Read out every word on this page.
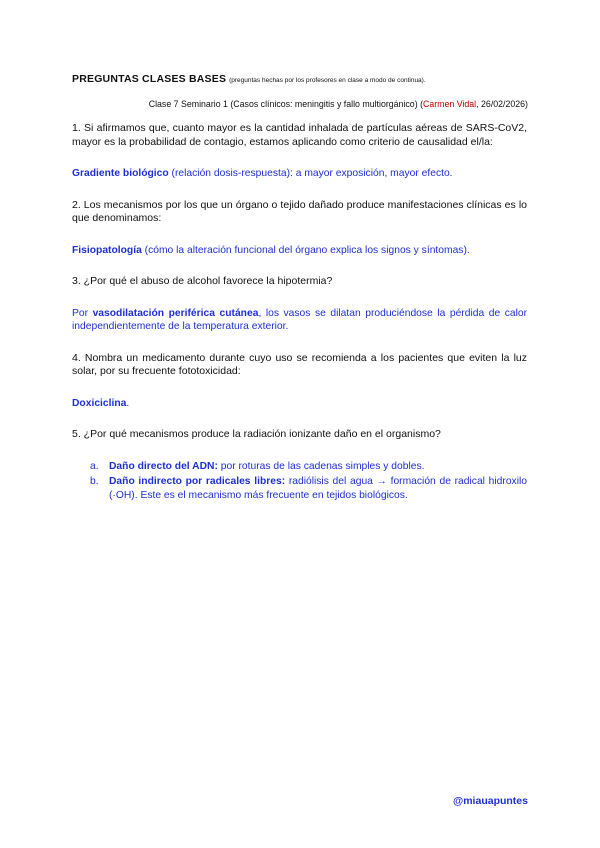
PREGUNTAS CLASES BASES (preguntas hechas por los profesores en clase a modo de continua).
Clase 7 Seminario 1 (Casos clínicos: meningitis y fallo multiorgánico) (Carmen Vidal, 26/02/2026)

1. Si afirmamos que, cuanto mayor es la cantidad inhalada de partículas aéreas de SARS-CoV2, mayor es la probabilidad de contagio, estamos aplicando como criterio de causalidad el/la:

Gradiente biológico (relación dosis-respuesta): a mayor exposición, mayor efecto.

2. Los mecanismos por los que un órgano o tejido dañado produce manifestaciones clínicas es lo que denominamos:

Fisiopatología (cómo la alteración funcional del órgano explica los signos y síntomas).

3. ¿Por qué el abuso de alcohol favorece la hipotermia?

Por vasodilatación periférica cutánea, los vasos se dilatan produciéndose la pérdida de calor independientemente de la temperatura exterior.

4. Nombra un medicamento durante cuyo uso se recomienda a los pacientes que eviten la luz solar, por su frecuente fototoxicidad:

Doxiciclina.

5. ¿Por qué mecanismos produce la radiación ionizante daño en el organismo?

a. Daño directo del ADN: por roturas de las cadenas simples y dobles.
b. Daño indirecto por radicales libres: radiólisis del agua → formación de radical hidroxilo (·OH). Este es el mecanismo más frecuente en tejidos biológicos.
@miauapuntes
